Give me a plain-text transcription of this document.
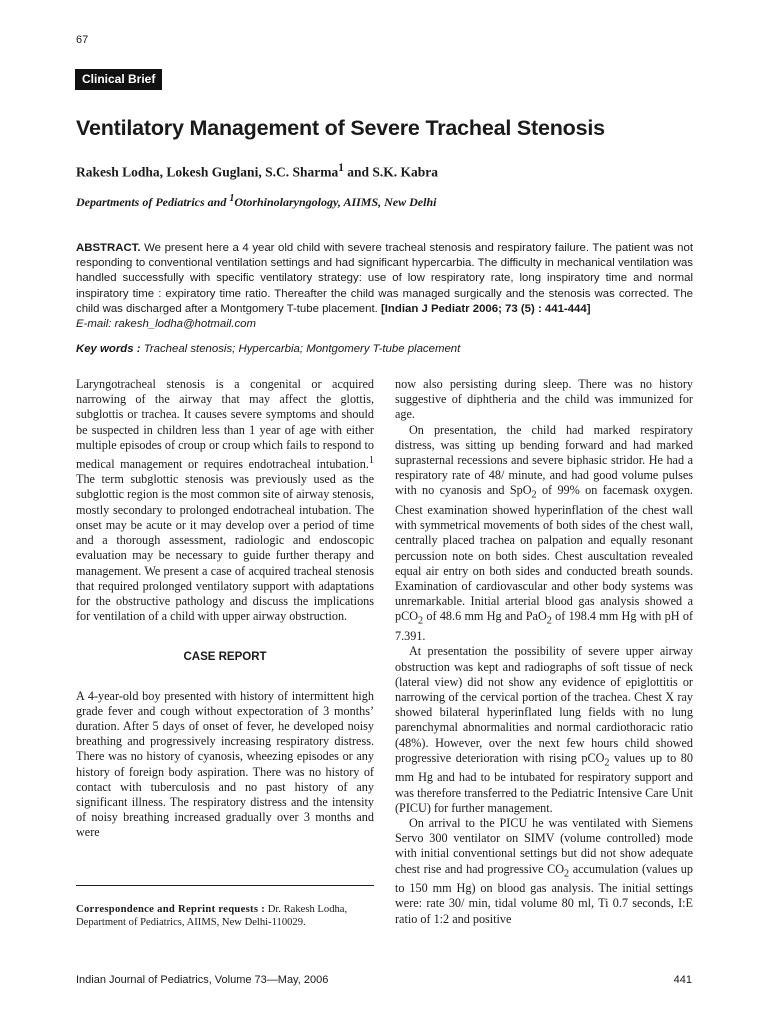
67
Clinical Brief
Ventilatory Management of Severe Tracheal Stenosis
Rakesh Lodha, Lokesh Guglani, S.C. Sharma$^1$ and S.K. Kabra
Departments of Pediatrics and $^1$Otorhinolaryngology, AIIMS, New Delhi
ABSTRACT. We present here a 4 year old child with severe tracheal stenosis and respiratory failure. The patient was not responding to conventional ventilation settings and had significant hypercarbia. The difficulty in mechanical ventilation was handled successfully with specific ventilatory strategy: use of low respiratory rate, long inspiratory time and normal inspiratory time : expiratory time ratio. Thereafter the child was managed surgically and the stenosis was corrected. The child was discharged after a Montgomery T-tube placement. [Indian J Pediatr 2006; 73 (5) : 441-444]
E-mail: rakesh_lodha@hotmail.com
Key words : Tracheal stenosis; Hypercarbia; Montgomery T-tube placement

Laryngotracheal stenosis is a congenital or acquired narrowing of the airway that may affect the glottis, subglottis or trachea. It causes severe symptoms and should be suspected in children less than 1 year of age with either multiple episodes of croup or croup which fails to respond to medical management or requires endotracheal intubation.$^1$ The term subglottic stenosis was previously used as the subglottic region is the most common site of airway stenosis, mostly secondary to prolonged endotracheal intubation. The onset may be acute or it may develop over a period of time and a thorough assessment, radiologic and endoscopic evaluation may be necessary to guide further therapy and management. We present a case of acquired tracheal stenosis that required prolonged ventilatory support with adaptations for the obstructive pathology and discuss the implications for ventilation of a child with upper airway obstruction.

CASE REPORT

A 4-year-old boy presented with history of intermittent high grade fever and cough without expectoration of 3 months’ duration. After 5 days of onset of fever, he developed noisy breathing and progressively increasing respiratory distress. There was no history of cyanosis, wheezing episodes or any history of foreign body aspiration. There was no history of contact with tuberculosis and no past history of any significant illness. The respiratory distress and the intensity of noisy breathing increased gradually over 3 months and were

now also persisting during sleep. There was no history suggestive of diphtheria and the child was immunized for age.

On presentation, the child had marked respiratory distress, was sitting up bending forward and had marked suprasternal recessions and severe biphasic stridor. He had a respiratory rate of 48/ minute, and had good volume pulses with no cyanosis and SpO$_2$ of 99% on facemask oxygen. Chest examination showed hyperinflation of the chest wall with symmetrical movements of both sides of the chest wall, centrally placed trachea on palpation and equally resonant percussion note on both sides. Chest auscultation revealed equal air entry on both sides and conducted breath sounds. Examination of cardiovascular and other body systems was unremarkable. Initial arterial blood gas analysis showed a pCO$_2$ of 48.6 mm Hg and PaO$_2$ of 198.4 mm Hg with pH of 7.391.

At presentation the possibility of severe upper airway obstruction was kept and radiographs of soft tissue of neck (lateral view) did not show any evidence of epiglottitis or narrowing of the cervical portion of the trachea. Chest X ray showed bilateral hyperinflated lung fields with no lung parenchymal abnormalities and normal cardiothoracic ratio (48%). However, over the next few hours child showed progressive deterioration with rising pCO$_2$ values up to 80 mm Hg and had to be intubated for respiratory support and was therefore transferred to the Pediatric Intensive Care Unit (PICU) for further management.

On arrival to the PICU he was ventilated with Siemens Servo 300 ventilator on SIMV (volume controlled) mode with initial conventional settings but did not show adequate chest rise and had progressive $CO_2$ accumulation (values up to 150 mm Hg) on blood gas analysis. The initial settings were: rate 30/ min, tidal volume 80 ml, Ti 0.7 seconds, I:E ratio of 1:2 and positive

Correspondence and Reprint requests : Dr. Rakesh Lodha, Department of Pediatrics, AIIMS, New Delhi-110029.
Indian Journal of Pediatrics, Volume 73—May, 2006	441
